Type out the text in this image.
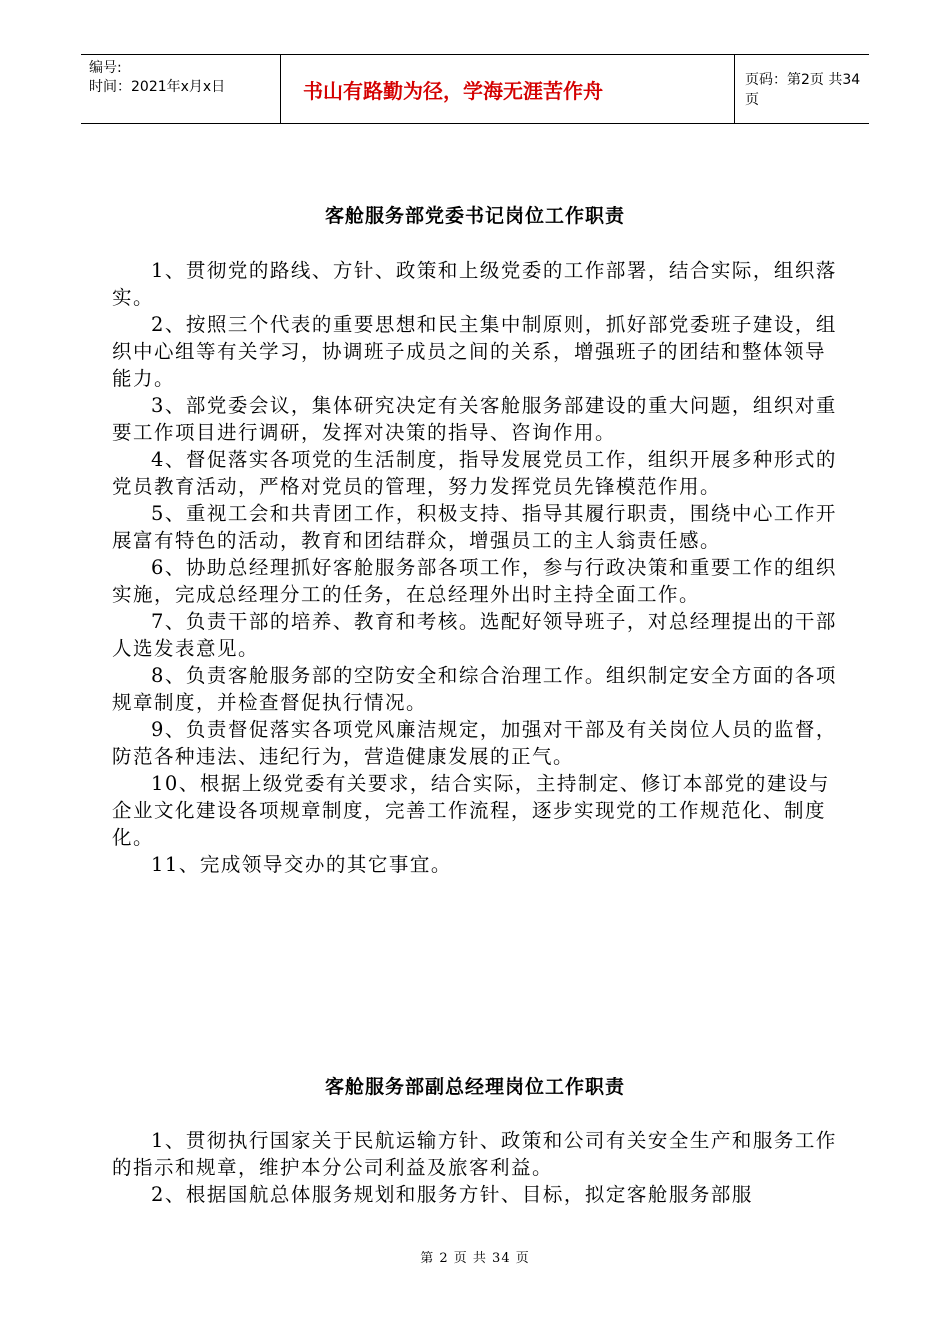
编号:
时间：2021年x月x日	书山有路勤为径，学海无涯苦作舟	页码：第2页 共34页
客舱服务部党委书记岗位工作职责

1、贯彻党的路线、方针、政策和上级党委的工作部署，结合实际，组织落实。

2、按照三个代表的重要思想和民主集中制原则，抓好部党委班子建设，组织中心组等有关学习，协调班子成员之间的关系，增强班子的团结和整体领导能力。

3、部党委会议，集体研究决定有关客舱服务部建设的重大问题，组织对重要工作项目进行调研，发挥对决策的指导、咨询作用。

4、督促落实各项党的生活制度，指导发展党员工作，组织开展多种形式的党员教育活动，严格对党员的管理，努力发挥党员先锋模范作用。

5、重视工会和共青团工作，积极支持、指导其履行职责，围绕中心工作开展富有特色的活动，教育和团结群众，增强员工的主人翁责任感。

6、协助总经理抓好客舱服务部各项工作，参与行政决策和重要工作的组织实施，完成总经理分工的任务，在总经理外出时主持全面工作。

7、负责干部的培养、教育和考核。选配好领导班子，对总经理提出的干部人选发表意见。

8、负责客舱服务部的空防安全和综合治理工作。组织制定安全方面的各项规章制度，并检查督促执行情况。

9、负责督促落实各项党风廉洁规定，加强对干部及有关岗位人员的监督，防范各种违法、违纪行为，营造健康发展的正气。

10、根据上级党委有关要求，结合实际，主持制定、修订本部党的建设与企业文化建设各项规章制度，完善工作流程，逐步实现党的工作规范化、制度化。

11、完成领导交办的其它事宜。

客舱服务部副总经理岗位工作职责

1、贯彻执行国家关于民航运输方针、政策和公司有关安全生产和服务工作的指示和规章，维护本分公司利益及旅客利益。

2、根据国航总体服务规划和服务方针、目标，拟定客舱服务部服

第 2 页 共 34 页
